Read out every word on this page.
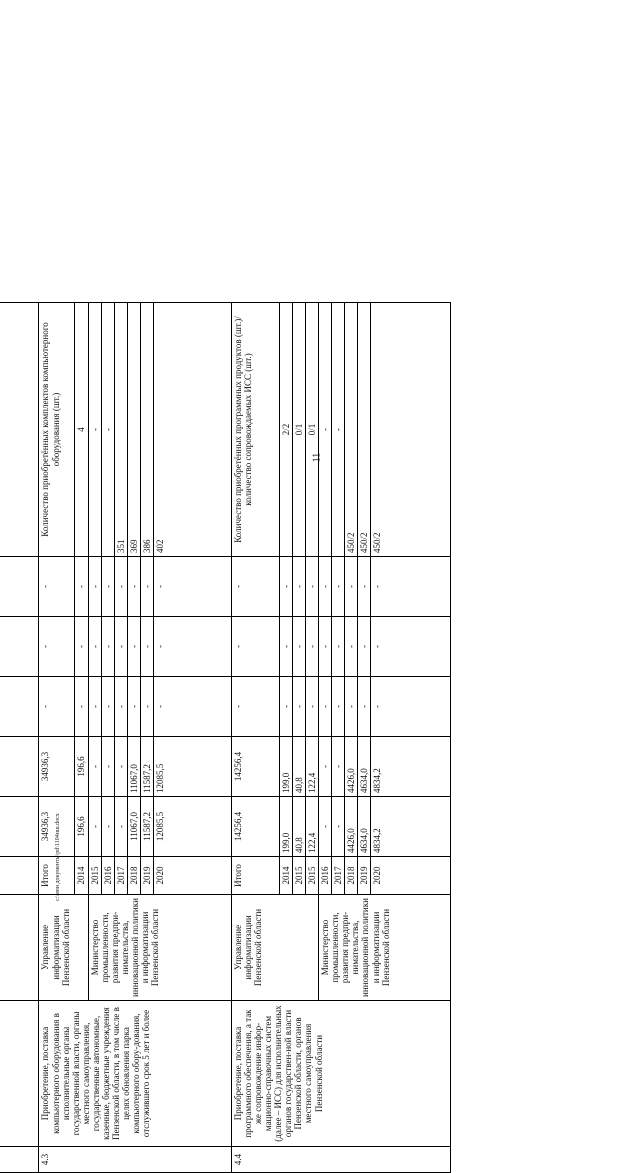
11
c:\мои документы\pd\1104нш.docx

4.3	Приобретение, поставка компьютерного оборудования в исполнительные органы государственной власти, органы местного самоуправления, государственные автономные, казенные, бюджетные учреждения Пензенской области, в том числе в целях обновления парка компьютерного обору-дования, отслужившего срок 5 лет и более	Управление информатизации Пензенской области	Итого	34936,3	34936,3	-	-	-	Количество приобретённых комплектов компьютерного оборудования (шт.)
			2014	196,6	196,6	-	-	-	4
		Министерство промышленности, развития предпри-нимательства, инновационной политики и информатизации Пензенской области	2015	-	-	-	-	-	-
			2016	-	-	-	-	-	-
			2017	-	-	-	-	-	351
			2018	11067,0	11067,0	-	-	-	369
			2019	11587,2	11587,2	-	-	-	386
			2020	12085,5	12085,5	-	-	-	402
4.4	Приобретение, поставка программного обеспечения, а так же сопровождение инфор-мационно-справочных систем (далее – ИСС) для исполнительных органов государствен-ной власти Пензенской области, органов местного самоуправления Пензенской области	Управление информатизации Пензенской области	Итого	14256,4	14256,4	-	-	-	Количество приобретённых программных продуктов (шт.)/ количество сопровождаемых ИСС (шт.)
			2014	199,0	199,0	-	-	-	2/2
			2015	40,8	40,8	-	-	-	0/1
			2015	122,4	122,4	-	-	-	0/1
		Министерство промышленности, развития предпри-нимательства, инновационной политики и информатизации Пензенской области	2016	-	-	-	-	-	-
			2017	-	-	-	-	-	-
			2018	4426,0	4426,0	-	-	-	450/2
			2019	4634,0	4634,0	-	-	-	450/2
			2020	4834,2	4834,2	-	-	-	450/2
